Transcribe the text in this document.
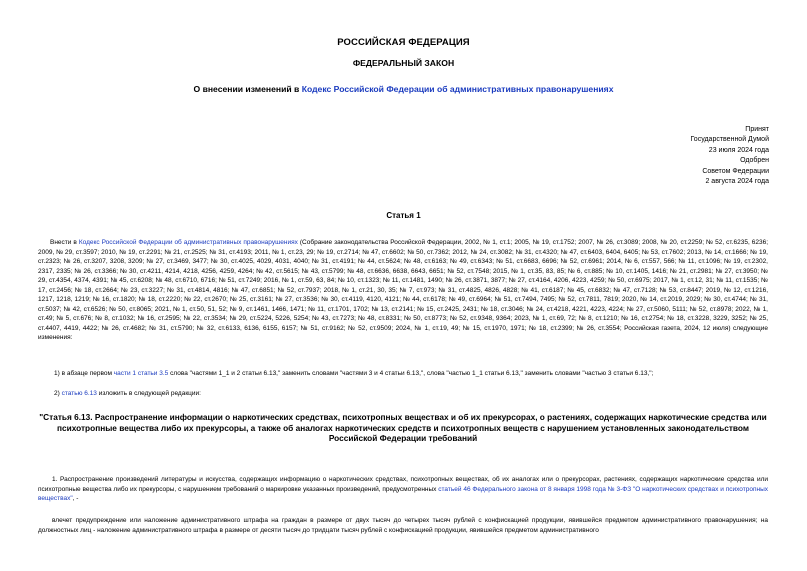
РОССИЙСКАЯ ФЕДЕРАЦИЯ
ФЕДЕРАЛЬНЫЙ ЗАКОН
О внесении изменений в Кодекс Российской Федерации об административных правонарушениях
Принят
Государственной Думой
23 июля 2024 года
Одобрен
Советом Федерации
2 августа 2024 года
Статья 1
Внести в Кодекс Российской Федерации об административных правонарушениях (Собрание законодательства Российской Федерации, 2002, № 1, ст.1; 2005, № 19, ст.1752; 2007, № 26, ст.3089; 2008, № 20, ст.2259; № 52, ст.6235, 6236; 2009, № 29, ст.3597; 2010, № 19, ст.2291; № 21, ст.2525; № 31, ст.4193; 2011, № 1, ст.23, 29; № 19, ст.2714; № 47, ст.6602; № 50, ст.7362; 2012, № 24, ст.3082; № 31, ст.4320; № 47, ст.6403, 6404, 6405; № 53, ст.7602; 2013, № 14, ст.1666; № 19, ст.2323; № 26, ст.3207, 3208, 3209; № 27, ст.3469, 3477; № 30, ст.4025, 4029, 4031, 4040; № 31, ст.4191; № 44, ст.5624; № 48, ст.6163; № 49, ст.6343; № 51, ст.6683, 6696; № 52, ст.6961; 2014, № 6, ст.557, 566; № 11, ст.1096; № 19, ст.2302, 2317, 2335; № 26, ст.3366; № 30, ст.4211, 4214, 4218, 4256, 4259, 4264; № 42, ст.5615; № 43, ст.5799; № 48, ст.6636, 6638, 6643, 6651; № 52, ст.7548; 2015, № 1, ст.35, 83, 85; № 6, ст.885; № 10, ст.1405, 1416; № 21, ст.2981; № 27, ст.3950; № 29, ст.4354, 4374, 4391; № 45, ст.6208; № 48, ст.6710, 6716; № 51, ст.7249; 2016, № 1, ст.59, 63, 84; № 10, ст.1323; № 11, ст.1481, 1490; № 26, ст.3871, 3877; № 27, ст.4164, 4206, 4223, 4259; № 50, ст.6975; 2017, № 1, ст.12, 31; № 11, ст.1535; № 17, ст.2456; № 18, ст.2664; № 23, ст.3227; № 31, ст.4814, 4816; № 47, ст.6851; № 52, ст.7937; 2018, № 1, ст.21, 30, 35; № 7, ст.973; № 31, ст.4825, 4826, 4828; № 41, ст.6187; № 45, ст.6832; № 47, ст.7128; № 53, ст.8447; 2019, № 12, ст.1216, 1217, 1218, 1219; № 16, ст.1820; № 18, ст.2220; № 22, ст.2670; № 25, ст.3161; № 27, ст.3536; № 30, ст.4119, 4120, 4121; № 44, ст.6178; № 49, ст.6964; № 51, ст.7494, 7495; № 52, ст.7811, 7819; 2020, № 14, ст.2019, 2029; № 30, ст.4744; № 31, ст.5037; № 42, ст.6526; № 50, ст.8065; 2021, № 1, ст.50, 51, 52; № 9, ст.1461, 1466, 1471; № 11, ст.1701, 1702; № 13, ст.2141; № 15, ст.2425, 2431; № 18, ст.3046; № 24, ст.4218, 4221, 4223, 4224; № 27, ст.5060, 5111; № 52, ст.8978; 2022, № 1, ст.49; № 5, ст.676; № 8, ст.1032; № 16, ст.2595; № 22, ст.3534; № 29, ст.5224, 5226, 5254; № 43, ст.7273; № 48, ст.8331; № 50, ст.8773; № 52, ст.9348, 9364; 2023, № 1, ст.69, 72; № 8, ст.1210; № 16, ст.2754; № 18, ст.3228, 3229, 3252; № 25, ст.4407, 4419, 4422; № 26, ст.4682; № 31, ст.5790; № 32, ст.6133, 6136, 6155, 6157; № 51, ст.9162; № 52, ст.9509; 2024, № 1, ст.19, 49; № 15, ст.1970, 1971; № 18, ст.2399; № 26, ст.3554; Российская газета, 2024, 12 июля) следующие изменения:
1) в абзаце первом части 1 статьи 3.5 слова "частями 1_1 и 2 статьи 6.13," заменить словами "частями 3 и 4 статьи 6.13,", слова "частью 1_1 статьи 6.13," заменить словами "частью 3 статьи 6.13,";
2) статью 6.13 изложить в следующей редакции:
"Статья 6.13. Распространение информации о наркотических средствах, психотропных веществах и об их прекурсорах, о растениях, содержащих наркотические средства или психотропные вещества либо их прекурсоры, а также об аналогах наркотических средств и психотропных веществ с нарушением установленных законодательством Российской Федерации требований
1. Распространение произведений литературы и искусства, содержащих информацию о наркотических средствах, психотропных веществах, об их аналогах или о прекурсорах, растениях, содержащих наркотические средства или психотропные вещества либо их прекурсоры, с нарушением требований о маркировке указанных произведений, предусмотренных статьей 46 Федерального закона от 8 января 1998 года № 3-ФЗ "О наркотических средствах и психотропных веществах", -
влечет предупреждение или наложение административного штрафа на граждан в размере от двух тысяч до четырех тысяч рублей с конфискацией продукции, явившейся предметом административного правонарушения; на должностных лиц - наложение административного штрафа в размере от десяти тысяч до тридцати тысяч рублей с конфискацией продукции, явившейся предметом административного
